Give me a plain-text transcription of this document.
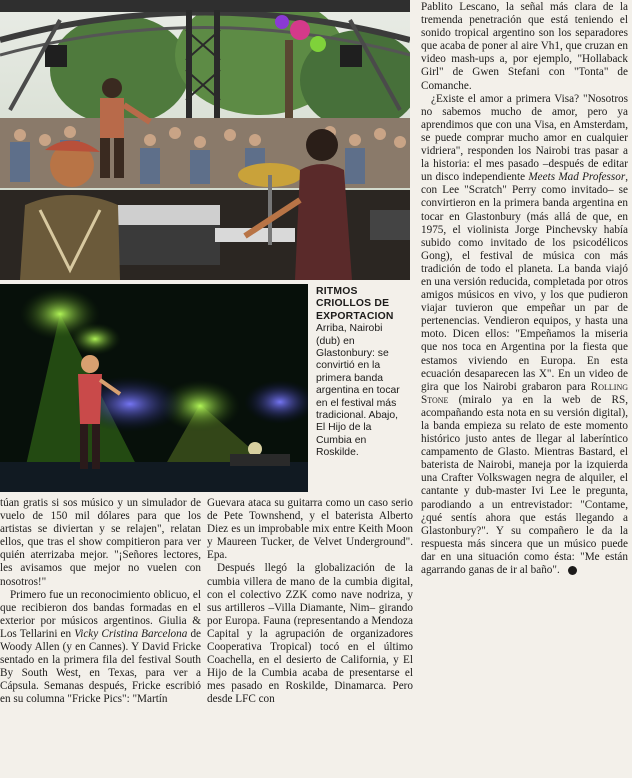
RITMOS CRIOLLOS DE EXPORTACION
Arriba, Nairobi (dub) en Glastonbury: se convirtió en la primera banda argentina en tocar en el festival más tradicional. Abajo, El Hijo de la Cumbia en Roskilde.

Pablito Lescano, la señal más clara de la tremenda penetración que está teniendo el sonido tropical argentino son los separadores que acaba de poner al aire Vh1, que cruzan en video mash-ups a, por ejemplo, "Hollaback Girl" de Gwen Stefani con "Tonta" de Comanche.

¿Existe el amor a primera Visa? "Nosotros no sabemos mucho de amor, pero ya aprendimos que con una Visa, en Amsterdam, se puede comprar mucho amor en cualquier vidriera", responden los Nairobi tras pasar a la historia: el mes pasado –después de editar un disco independiente Meets Mad Professor, con Lee "Scratch" Perry como invitado– se convirtieron en la primera banda argentina en tocar en Glastonbury (más allá de que, en 1975, el violinista Jorge Pinchevsky había subido como invitado de los psicodélicos Gong), el festival de música con más tradición de todo el planeta. La banda viajó en una versión reducida, completada por otros amigos músicos en vivo, y los que pudieron viajar tuvieron que empeñar un par de pertenencias. Vendieron equipos, y hasta una moto. Dicen ellos: "Empeñamos la miseria que nos toca en Argentina por la fiesta que estamos viviendo en Europa. En esta ecuación desaparecen las X". En un video de gira que los Nairobi grabaron para Rolling Stone (miralo ya en la web de RS, acompañando esta nota en su versión digital), la banda empieza su relato de este momento histórico justo antes de llegar al laberíntico campamento de Glasto. Mientras Bastard, el baterista de Nairobi, maneja por la izquierda una Crafter Volkswagen negra de alquiler, el cantante y dub-master Ivi Lee le pregunta, parodiando a un entrevistador: "Contame, ¿qué sentís ahora que estás llegando a Glastonbury?". Y su compañero le da la respuesta más sincera que un músico puede dar en una situación como ésta: "Me están agarrando ganas de ir al baño".

túan gratis si sos músico y un simulador de vuelo de 150 mil dólares para que los artistas se diviertan y se relajen", relatan ellos, que tras el show compitieron para ver quién aterrizaba mejor. "¡Señores lectores, les avisamos que mejor no vuelen con nosotros!"

Primero fue un reconocimiento oblicuo, el que recibieron dos bandas formadas en el exterior por músicos argentinos. Giulia & Los Tellarini en Vicky Cristina Barcelona de Woody Allen (y en Cannes). Y David Fricke sentado en la primera fila del festival South By South West, en Texas, para ver a Cápsula. Semanas después, Fricke escribió en su columna "Fricke Pics": "Martín

Guevara ataca su guitarra como un caso serio de Pete Townshend, y el baterista Alberto Diez es un improbable mix entre Keith Moon y Maureen Tucker, de Velvet Underground". Epa.

Después llegó la globalización de la cumbia villera de mano de la cumbia digital, con el colectivo ZZK como nave nodriza, y sus artilleros –Villa Diamante, Nim– girando por Europa. Fauna (representando a Mendoza Capital y la agrupación de organizadores Cooperativa Tropical) tocó en el último Coachella, en el desierto de California, y El Hijo de la Cumbia acaba de presentarse el mes pasado en Roskilde, Dinamarca. Pero desde LFC con
